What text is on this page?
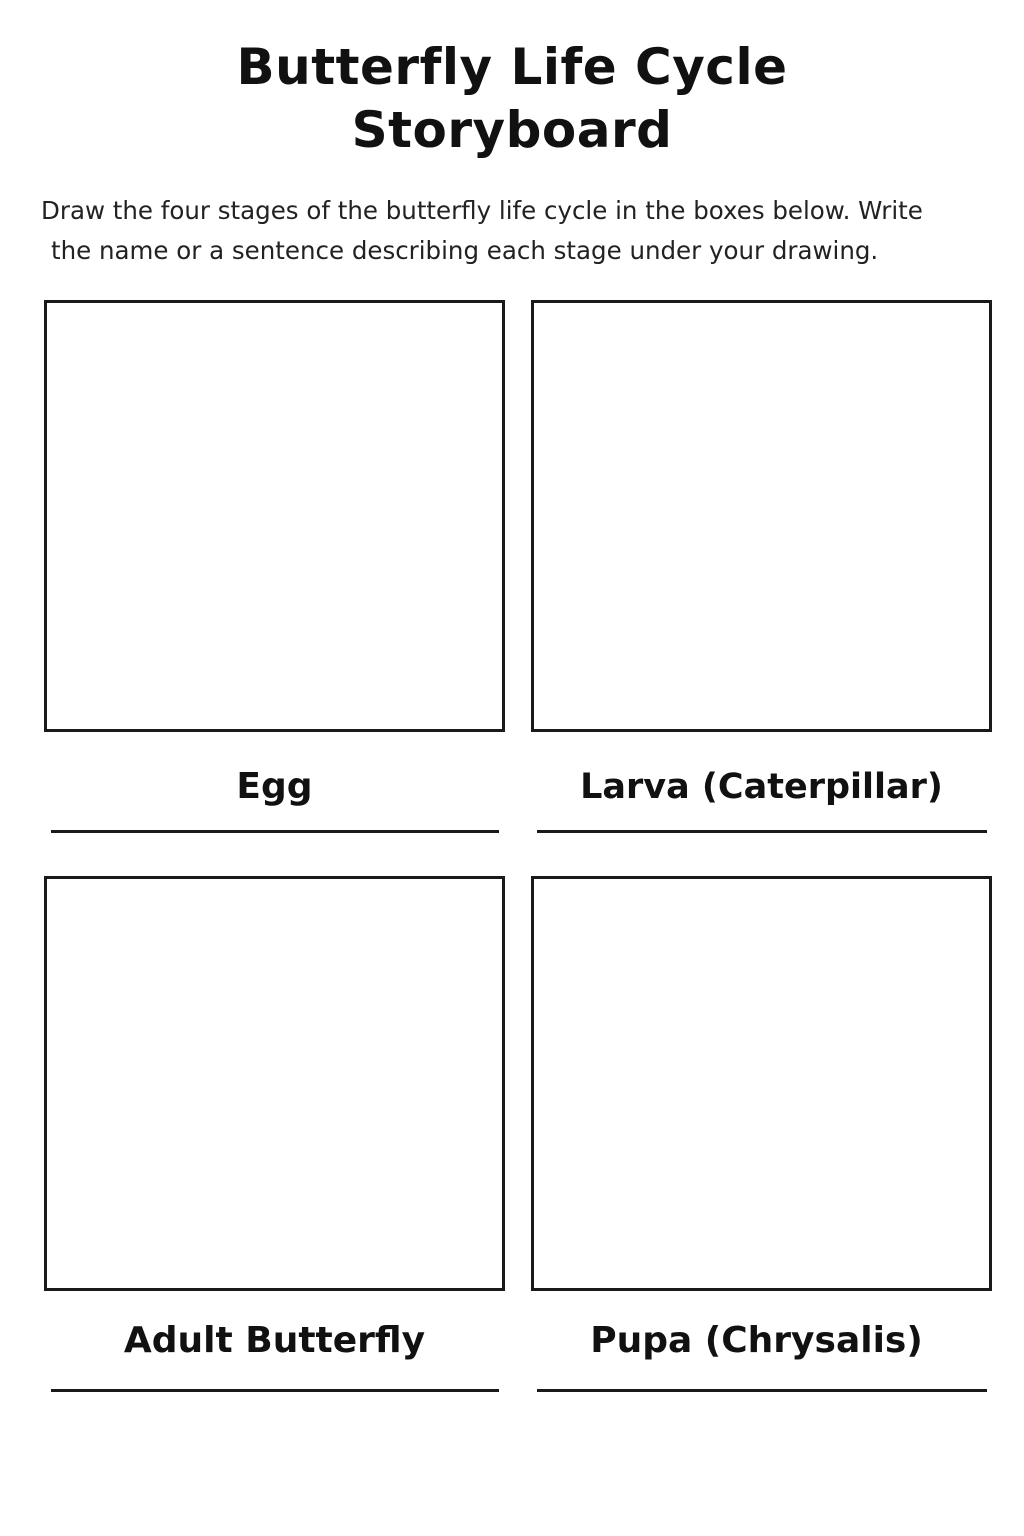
Butterfly Life Cycle
Storyboard
Draw the four stages of the butterfly life cycle in the boxes below. Write
the name or a sentence describing each stage under your drawing.
Egg	Larva (Caterpillar)
Adult Butterfly	Pupa (Chrysalis)
